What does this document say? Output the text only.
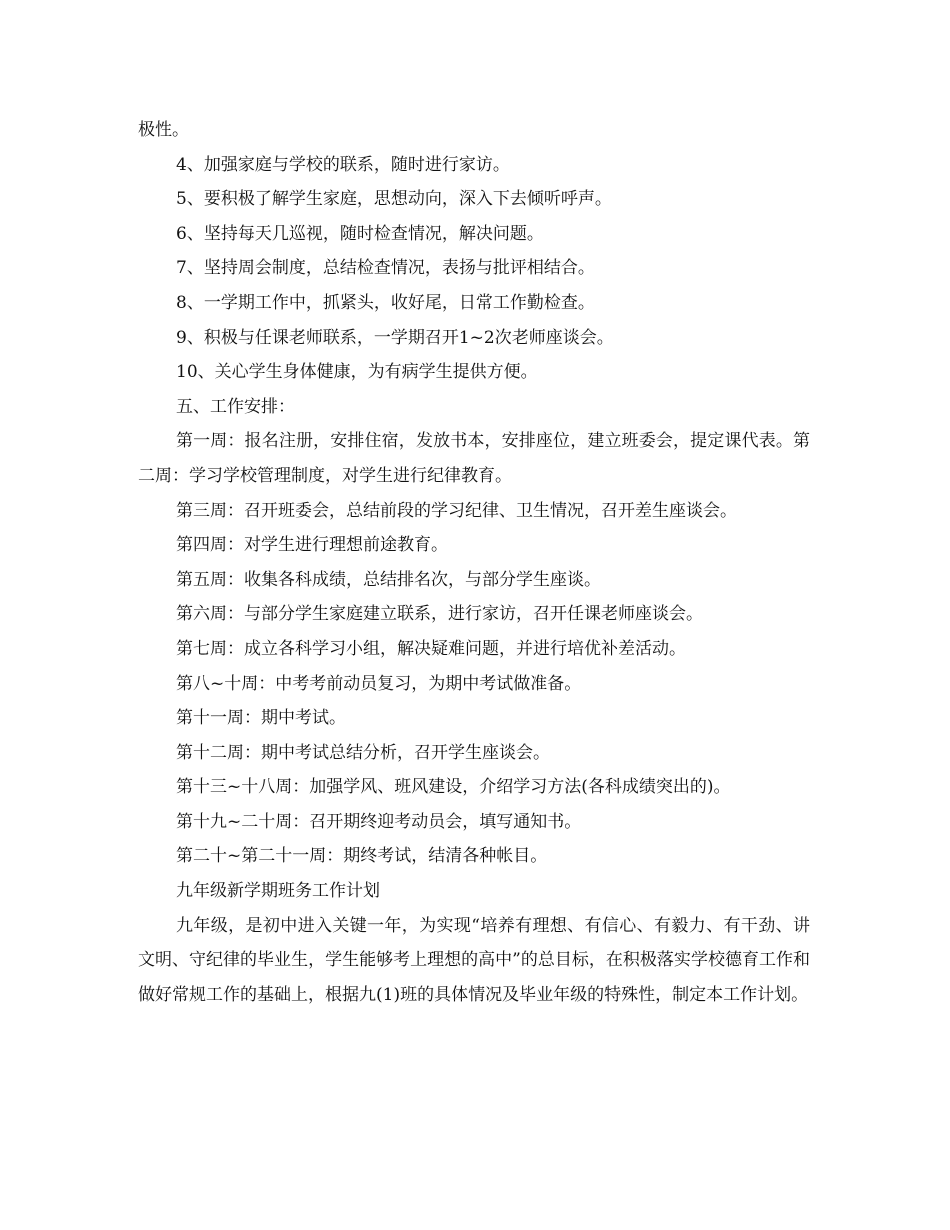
极性。

4、加强家庭与学校的联系，随时进行家访。

5、要积极了解学生家庭，思想动向，深入下去倾听呼声。

6、坚持每天几巡视，随时检查情况，解决问题。

7、坚持周会制度，总结检查情况，表扬与批评相结合。

8、一学期工作中，抓紧头，收好尾，日常工作勤检查。

9、积极与任课老师联系，一学期召开1~2次老师座谈会。

10、关心学生身体健康，为有病学生提供方便。

五、工作安排：

第一周：报名注册，安排住宿，发放书本，安排座位，建立班委会，提定课代表。第二周：学习学校管理制度，对学生进行纪律教育。

第三周：召开班委会，总结前段的学习纪律、卫生情况，召开差生座谈会。

第四周：对学生进行理想前途教育。

第五周：收集各科成绩，总结排名次，与部分学生座谈。

第六周：与部分学生家庭建立联系，进行家访，召开任课老师座谈会。

第七周：成立各科学习小组，解决疑难问题，并进行培优补差活动。

第八~十周：中考考前动员复习，为期中考试做准备。

第十一周：期中考试。

第十二周：期中考试总结分析，召开学生座谈会。

第十三~十八周：加强学风、班风建设，介绍学习方法(各科成绩突出的)。

第十九~二十周：召开期终迎考动员会，填写通知书。

第二十~第二十一周：期终考试，结清各种帐目。

九年级新学期班务工作计划

九年级，是初中进入关键一年，为实现“培养有理想、有信心、有毅力、有干劲、讲文明、守纪律的毕业生，学生能够考上理想的高中”的总目标，在积极落实学校德育工作和做好常规工作的基础上，根据九(1)班的具体情况及毕业年级的特殊性，制定本工作计划。
